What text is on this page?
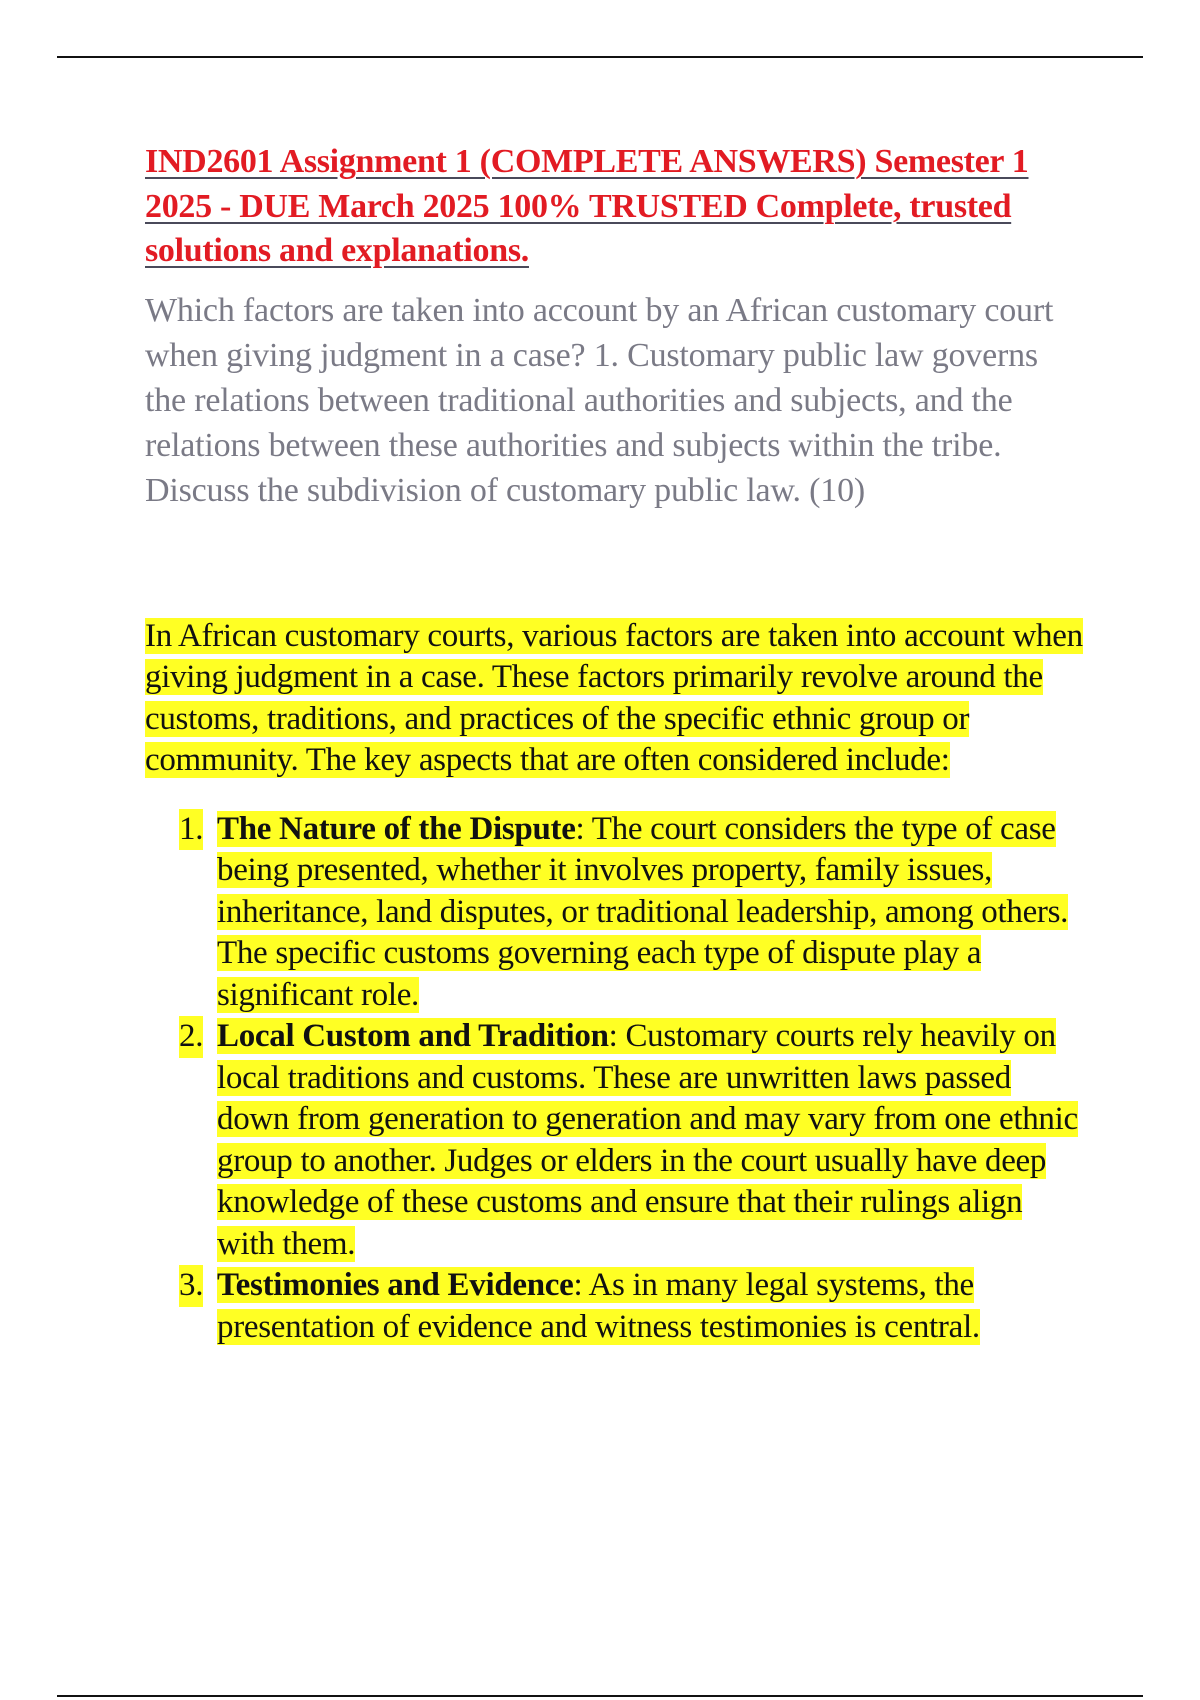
IND2601 Assignment 1 (COMPLETE ANSWERS) Semester 1 2025 - DUE March 2025 100% TRUSTED Complete, trusted solutions and explanations.

Which factors are taken into account by an African customary court when giving judgment in a case? 1. Customary public law governs the relations between traditional authorities and subjects, and the relations between these authorities and subjects within the tribe. Discuss the subdivision of customary public law. (10)

In African customary courts, various factors are taken into account when giving judgment in a case. These factors primarily revolve around the customs, traditions, and practices of the specific ethnic group or community. The key aspects that are often considered include:

1. The Nature of the Dispute: The court considers the type of case being presented, whether it involves property, family issues, inheritance, land disputes, or traditional leadership, among others. The specific customs governing each type of dispute play a significant role.
2. Local Custom and Tradition: Customary courts rely heavily on local traditions and customs. These are unwritten laws passed down from generation to generation and may vary from one ethnic group to another. Judges or elders in the court usually have deep knowledge of these customs and ensure that their rulings align with them.
3. Testimonies and Evidence: As in many legal systems, the presentation of evidence and witness testimonies is central.
